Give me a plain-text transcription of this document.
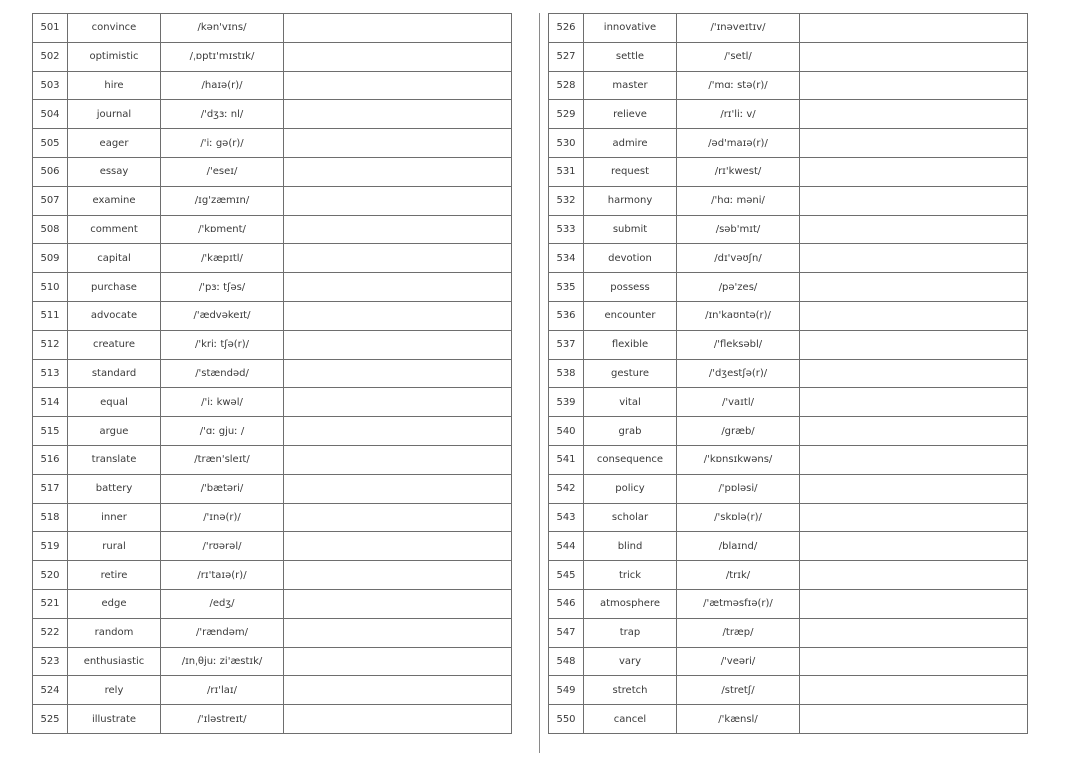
501	convince	/kən'vɪns/	
502	optimistic	/ˌɒptɪ'mɪstɪk/	
503	hire	/haɪə(r)/	
504	journal	/'dʒɜː nl/	
505	eager	/'iː gə(r)/	
506	essay	/'eseɪ/	
507	examine	/ɪg'zæmɪn/	
508	comment	/'kɒment/	
509	capital	/'kæpɪtl/	
510	purchase	/'pɜː tʃəs/	
511	advocate	/'ædvəkeɪt/	
512	creature	/'kriː tʃə(r)/	
513	standard	/'stændəd/	
514	equal	/'iː kwəl/	
515	argue	/'ɑː gjuː /	
516	translate	/træn'sleɪt/	
517	battery	/'bætəri/	
518	inner	/'ɪnə(r)/	
519	rural	/'rʊərəl/	
520	retire	/rɪ'taɪə(r)/	
521	edge	/edʒ/	
522	random	/'rændəm/	
523	enthusiastic	/ɪnˌθjuː zi'æstɪk/	
524	rely	/rɪ'laɪ/	
525	illustrate	/'ɪləstreɪt/	
526	innovative	/'ɪnəveɪtɪv/	
527	settle	/'setl/	
528	master	/'mɑː stə(r)/	
529	relieve	/rɪ'liː v/	
530	admire	/əd'maɪə(r)/	
531	request	/rɪ'kwest/	
532	harmony	/'hɑː məni/	
533	submit	/səb'mɪt/	
534	devotion	/dɪ'vəʊʃn/	
535	possess	/pə'zes/	
536	encounter	/ɪn'kaʊntə(r)/	
537	flexible	/'fleksəbl/	
538	gesture	/'dʒestʃə(r)/	
539	vital	/'vaɪtl/	
540	grab	/græb/	
541	consequence	/'kɒnsɪkwəns/	
542	policy	/'pɒləsi/	
543	scholar	/'skɒlə(r)/	
544	blind	/blaɪnd/	
545	trick	/trɪk/	
546	atmosphere	/'ætməsfɪə(r)/	
547	trap	/træp/	
548	vary	/'veəri/	
549	stretch	/stretʃ/	
550	cancel	/'kænsl/	
